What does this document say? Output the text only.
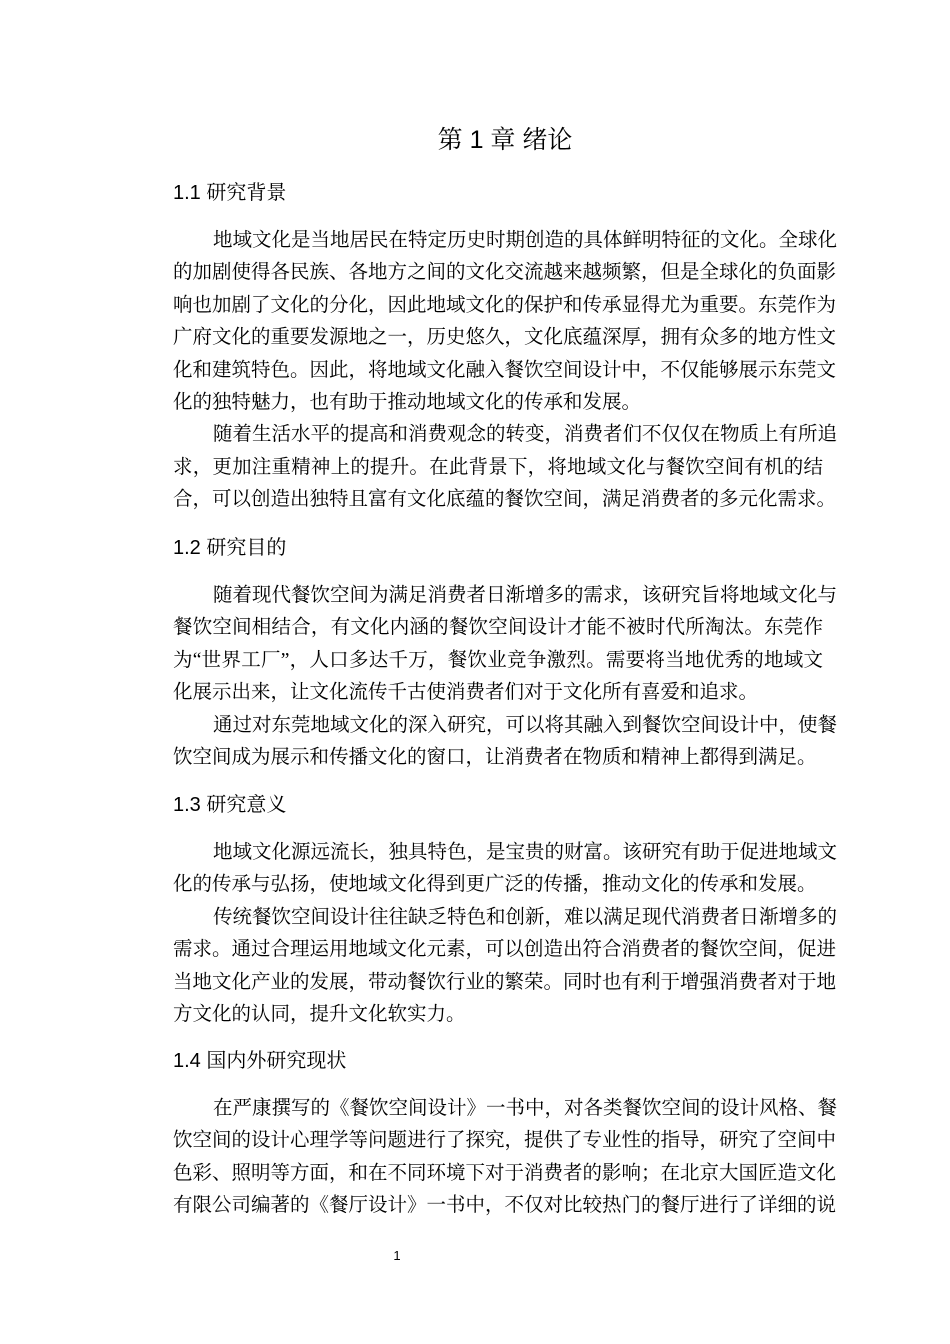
第 1 章 绪论
1.1 研究背景
地域文化是当地居民在特定历史时期创造的具体鲜明特征的文化。全球化
的加剧使得各民族、各地方之间的文化交流越来越频繁，但是全球化的负面影
响也加剧了文化的分化，因此地域文化的保护和传承显得尤为重要。东莞作为
广府文化的重要发源地之一，历史悠久，文化底蕴深厚，拥有众多的地方性文
化和建筑特色。因此，将地域文化融入餐饮空间设计中，不仅能够展示东莞文
化的独特魅力，也有助于推动地域文化的传承和发展。
随着生活水平的提高和消费观念的转变，消费者们不仅仅在物质上有所追
求，更加注重精神上的提升。在此背景下，将地域文化与餐饮空间有机的结
合，可以创造出独特且富有文化底蕴的餐饮空间，满足消费者的多元化需求。
1.2 研究目的
随着现代餐饮空间为满足消费者日渐增多的需求，该研究旨将地域文化与
餐饮空间相结合，有文化内涵的餐饮空间设计才能不被时代所淘汰。东莞作
为“世界工厂”，人口多达千万，餐饮业竞争激烈。需要将当地优秀的地域文
化展示出来，让文化流传千古使消费者们对于文化所有喜爱和追求。
通过对东莞地域文化的深入研究，可以将其融入到餐饮空间设计中，使餐
饮空间成为展示和传播文化的窗口，让消费者在物质和精神上都得到满足。
1.3 研究意义
地域文化源远流长，独具特色，是宝贵的财富。该研究有助于促进地域文
化的传承与弘扬，使地域文化得到更广泛的传播，推动文化的传承和发展。
传统餐饮空间设计往往缺乏特色和创新，难以满足现代消费者日渐增多的
需求。通过合理运用地域文化元素，可以创造出符合消费者的餐饮空间，促进
当地文化产业的发展，带动餐饮行业的繁荣。同时也有利于增强消费者对于地
方文化的认同，提升文化软实力。
1.4 国内外研究现状
在严康撰写的《餐饮空间设计》一书中，对各类餐饮空间的设计风格、餐
饮空间的设计心理学等问题进行了探究，提供了专业性的指导，研究了空间中
色彩、照明等方面，和在不同环境下对于消费者的影响；在北京大国匠造文化
有限公司编著的《餐厅设计》一书中，不仅对比较热门的餐厅进行了详细的说
1
